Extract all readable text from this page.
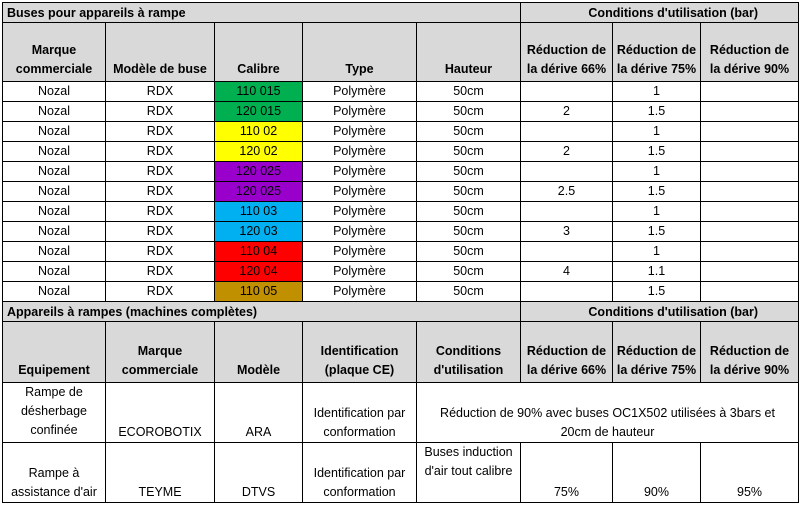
Buses pour appareils à rampe					Conditions d'utilisation (bar)		
Marque commerciale	Modèle de buse	Calibre	Type	Hauteur	Réduction de la dérive 66%	Réduction de la dérive 75%	Réduction de la dérive 90%
Nozal	RDX	110 015	Polymère	50cm		1	
Nozal	RDX	120 015	Polymère	50cm	2	1.5	
Nozal	RDX	110 02	Polymère	50cm		1	
Nozal	RDX	120 02	Polymère	50cm	2	1.5	
Nozal	RDX	120 025	Polymère	50cm		1	
Nozal	RDX	120 025	Polymère	50cm	2.5	1.5	
Nozal	RDX	110 03	Polymère	50cm		1	
Nozal	RDX	120 03	Polymère	50cm	3	1.5	
Nozal	RDX	110 04	Polymère	50cm		1	
Nozal	RDX	120 04	Polymère	50cm	4	1.1	
Nozal	RDX	110 05	Polymère	50cm		1.5	
Appareils à rampes (machines complètes)					Conditions d'utilisation (bar)		
Equipement	Marque commerciale	Modèle	Identification (plaque CE)	Conditions d'utilisation	Réduction de la dérive 66%	Réduction de la dérive 75%	Réduction de la dérive 90%
Rampe de désherbage confinée	ECOROBOTIX	ARA	Identification par conformation	Réduction de 90% avec buses OC1X502 utilisées à 3bars et 20cm de hauteur			
Rampe à assistance d'air	TEYME	DTVS	Identification par conformation	Buses induction d'air tout calibre	75%	90%	95%
